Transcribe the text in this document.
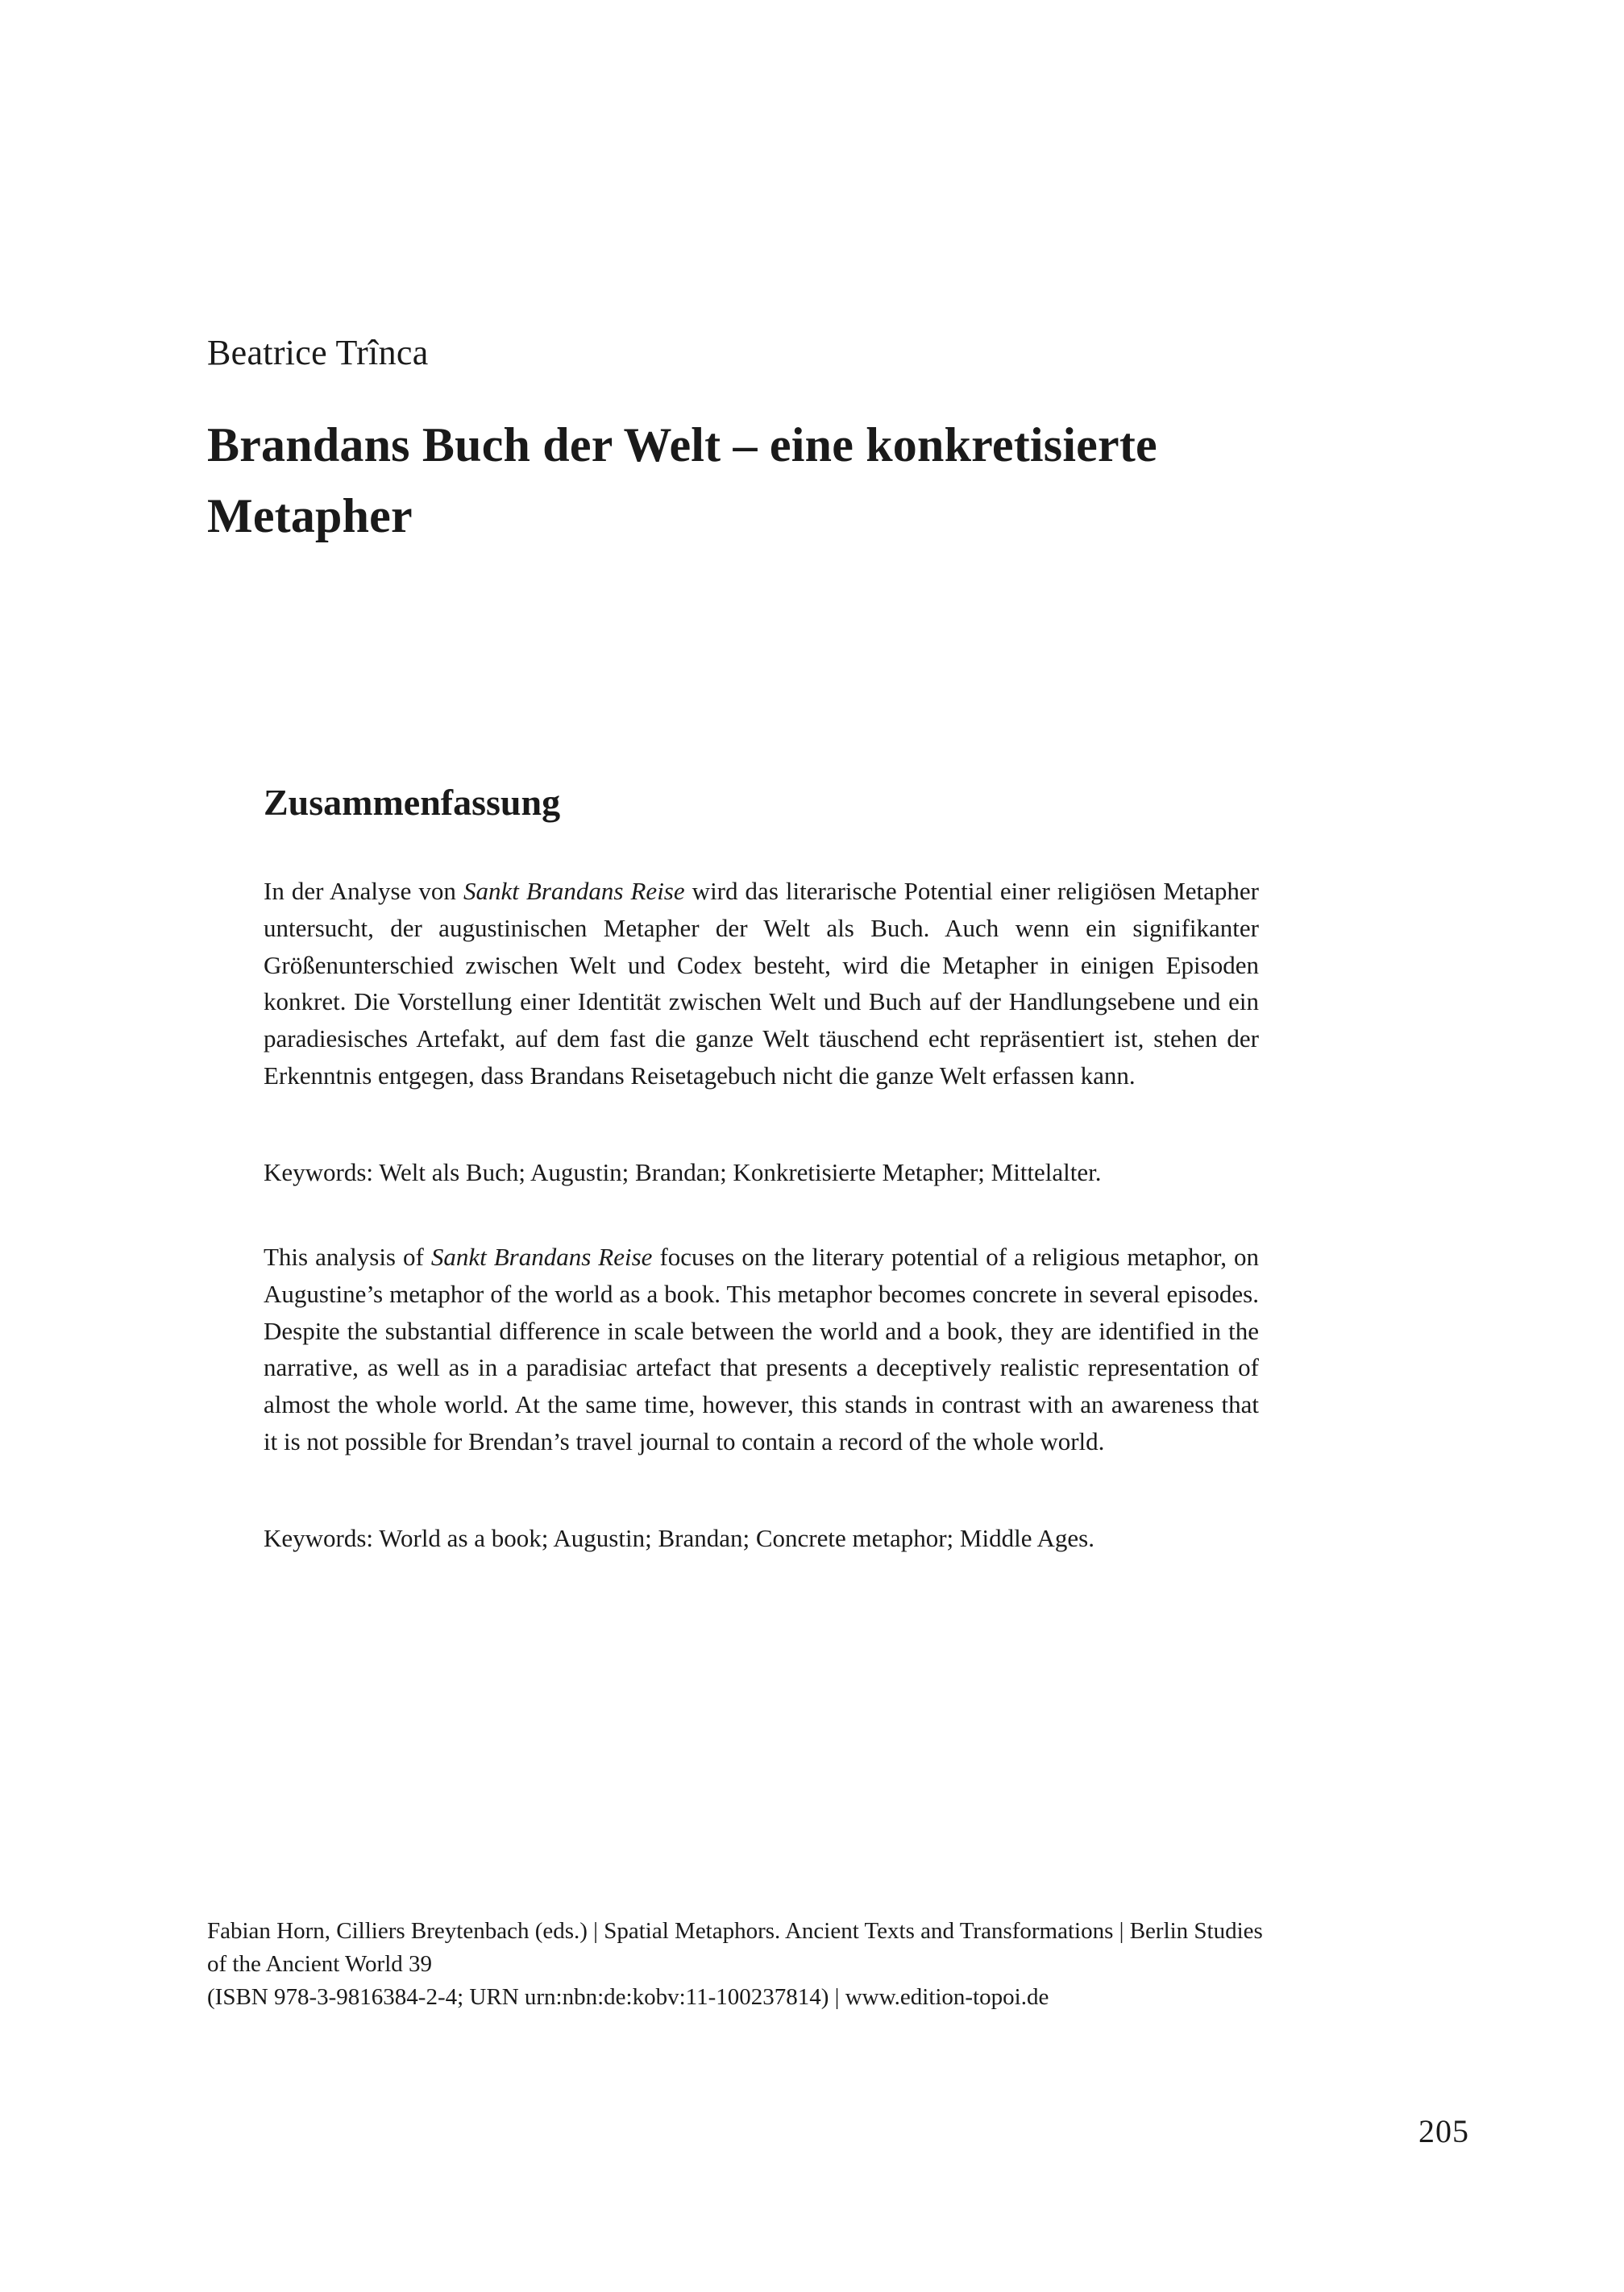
Beatrice Trînca
Brandans Buch der Welt – eine konkretisierte Metapher
Zusammenfassung

In der Analyse von Sankt Brandans Reise wird das literarische Potential einer religiösen Metapher untersucht, der augustinischen Metapher der Welt als Buch. Auch wenn ein signifikanter Größenunterschied zwischen Welt und Codex besteht, wird die Metapher in einigen Episoden konkret. Die Vorstellung einer Identität zwischen Welt und Buch auf der Handlungsebene und ein paradiesisches Artefakt, auf dem fast die ganze Welt täuschend echt repräsentiert ist, stehen der Erkenntnis entgegen, dass Brandans Reisetagebuch nicht die ganze Welt erfassen kann.

Keywords: Welt als Buch; Augustin; Brandan; Konkretisierte Metapher; Mittelalter.

This analysis of Sankt Brandans Reise focuses on the literary potential of a religious metaphor, on Augustine’s metaphor of the world as a book. This metaphor becomes concrete in several episodes. Despite the substantial difference in scale between the world and a book, they are identified in the narrative, as well as in a paradisiac artefact that presents a deceptively realistic representation of almost the whole world. At the same time, however, this stands in contrast with an awareness that it is not possible for Brendan’s travel journal to contain a record of the whole world.

Keywords: World as a book; Augustin; Brandan; Concrete metaphor; Middle Ages.

Fabian Horn, Cilliers Breytenbach (eds.) | Spatial Metaphors. Ancient Texts and Transformations | Berlin Studies of the Ancient World 39

(ISBN 978-3-9816384-2-4; URN urn:nbn:de:kobv:11-100237814) | www.edition-topoi.de

205
